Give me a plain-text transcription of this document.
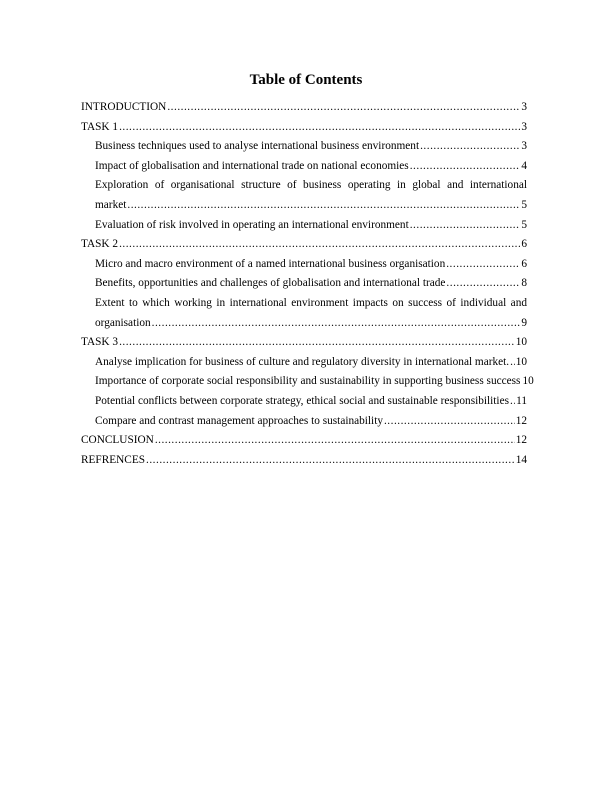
Table of Contents
INTRODUCTION .....	3
TASK 1 .....	3
Business techniques used to analyse international business environment .....	3
Impact of globalisation and international trade on national economies .....	4
Exploration of organisational structure of business operating in global and international
market .....	5
Evaluation of risk involved in operating an international environment .....	5
TASK 2 .....	6
Micro and macro environment of a named international business organisation .....	6
Benefits, opportunities and challenges of globalisation and international trade .....	8
Extent to which working in international environment impacts on success of individual and
organisation .....	9
TASK 3 .....	10
Analyse implication for business of culture and regulatory diversity in international market. ..... 10
Importance of corporate social responsibility and sustainability in supporting business success 10
Potential conflicts between corporate strategy, ethical social and sustainable responsibilities ..... 11
Compare and contrast management approaches to sustainability .....	12
CONCLUSION .....	12
REFRENCES .....	14
